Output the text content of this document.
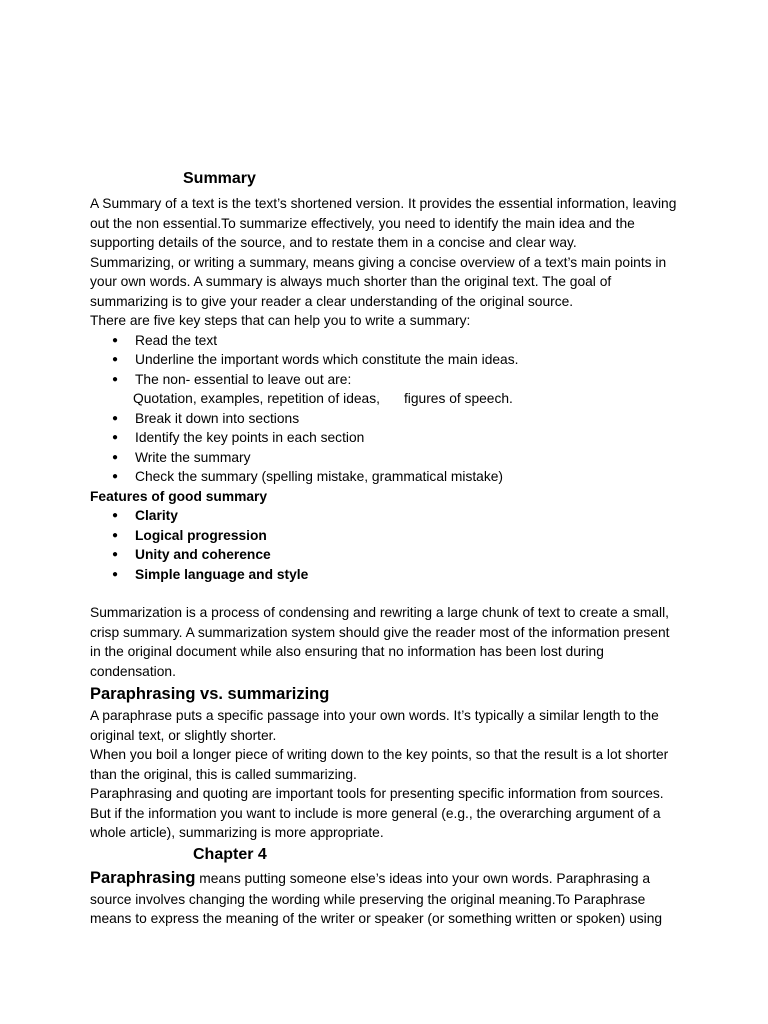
Summary

A Summary of a text is the text’s shortened version. It provides the essential information, leaving

out the non essential.To summarize effectively, you need to identify the main idea and the

supporting details of the source, and to restate them in a concise and clear way.

Summarizing, or writing a summary, means giving a concise overview of a text’s main points in

your own words. A summary is always much shorter than the original text. The goal of

summarizing is to give your reader a clear understanding of the original source.

There are five key steps that can help you to write a summary:

● Read the text
● Underline the important words which constitute the main ideas.
● The non- essential to leave out are:
Quotation, examples, repetition of ideas, figures of speech.
● Break it down into sections
● Identify the key points in each section
● Write the summary
● Check the summary (spelling mistake, grammatical mistake)

Features of good summary

● Clarity
● Logical progression
● Unity and coherence
● Simple language and style

Summarization is a process of condensing and rewriting a large chunk of text to create a small,

crisp summary. A summarization system should give the reader most of the information present

in the original document while also ensuring that no information has been lost during

condensation.

Paraphrasing vs. summarizing

A paraphrase puts a specific passage into your own words. It’s typically a similar length to the

original text, or slightly shorter.

When you boil a longer piece of writing down to the key points, so that the result is a lot shorter

than the original, this is called summarizing.

Paraphrasing and quoting are important tools for presenting specific information from sources.

But if the information you want to include is more general (e.g., the overarching argument of a

whole article), summarizing is more appropriate.

Chapter 4

Paraphrasing means putting someone else’s ideas into your own words. Paraphrasing a

source involves changing the wording while preserving the original meaning.To Paraphrase

means to express the meaning of the writer or speaker (or something written or spoken) using
